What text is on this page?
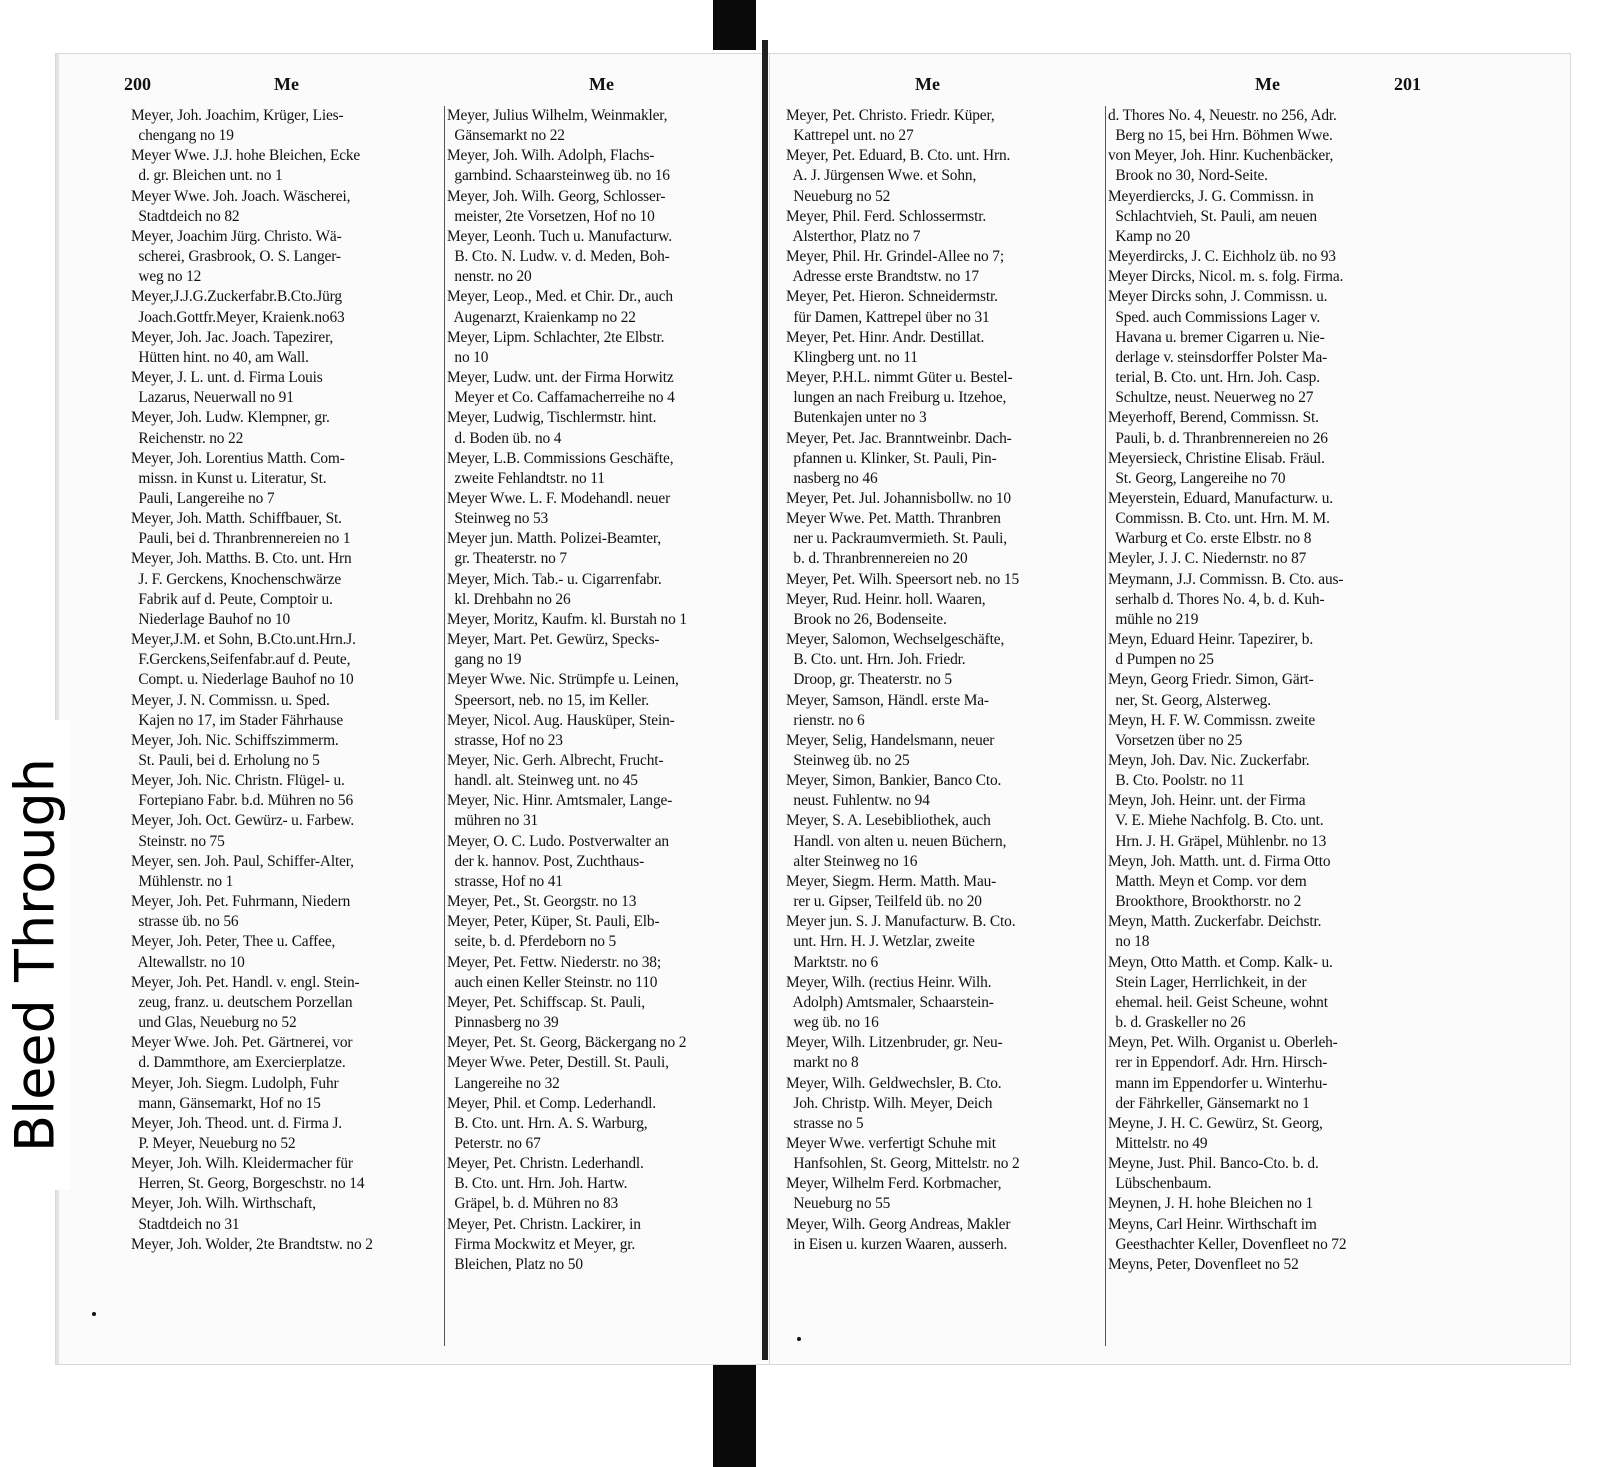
200	Me	Me
Meyer, Joh. Joachim, Krüger, Lies-
chengang no 19
Meyer Wwe. J.J. hohe Bleichen, Ecke
d. gr. Bleichen unt. no 1
Meyer Wwe. Joh. Joach. Wäscherei,
Stadtdeich no 82
Meyer, Joachim Jürg. Christo. Wä-
scherei, Grasbrook, O. S. Langer-
weg no 12
Meyer,J.J.G.Zuckerfabr.B.Cto.Jürg
Joach.Gottfr.Meyer, Kraienk.no63
Meyer, Joh. Jac. Joach. Tapezirer,
Hütten hint. no 40, am Wall.
Meyer, J. L. unt. d. Firma Louis
Lazarus, Neuerwall no 91
Meyer, Joh. Ludw. Klempner, gr.
Reichenstr. no 22
Meyer, Joh. Lorentius Matth. Com-
missn. in Kunst u. Literatur, St.
Pauli, Langereihe no 7
Meyer, Joh. Matth. Schiffbauer, St.
Pauli, bei d. Thranbrennereien no 1
Meyer, Joh. Matths. B. Cto. unt. Hrn
J. F. Gerckens, Knochenschwärze
Fabrik auf d. Peute, Comptoir u.
Niederlage Bauhof no 10
Meyer,J.M. et Sohn, B.Cto.unt.Hrn.J.
F.Gerckens,Seifenfabr.auf d. Peute,
Compt. u. Niederlage Bauhof no 10
Meyer, J. N. Commissn. u. Sped.
Kajen no 17, im Stader Fährhause
Meyer, Joh. Nic. Schiffszimmerm.
St. Pauli, bei d. Erholung no 5
Meyer, Joh. Nic. Christn. Flügel- u.
Fortepiano Fabr. b.d. Mühren no 56
Meyer, Joh. Oct. Gewürz- u. Farbew.
Steinstr. no 75
Meyer, sen. Joh. Paul, Schiffer-Alter,
Mühlenstr. no 1
Meyer, Joh. Pet. Fuhrmann, Niedern
strasse üb. no 56
Meyer, Joh. Peter, Thee u. Caffee,
Altewallstr. no 10
Meyer, Joh. Pet. Handl. v. engl. Stein-
zeug, franz. u. deutschem Porzellan
und Glas, Neueburg no 52
Meyer Wwe. Joh. Pet. Gärtnerei, vor
d. Dammthore, am Exercierplatze.
Meyer, Joh. Siegm. Ludolph, Fuhr
mann, Gänsemarkt, Hof no 15
Meyer, Joh. Theod. unt. d. Firma J.
P. Meyer, Neueburg no 52
Meyer, Joh. Wilh. Kleidermacher für
Herren, St. Georg, Borgeschstr. no 14
Meyer, Joh. Wilh. Wirthschaft,
Stadtdeich no 31
Meyer, Joh. Wolder, 2te Brandtstw. no 2
Meyer, Julius Wilhelm, Weinmakler,
Gänsemarkt no 22
Meyer, Joh. Wilh. Adolph, Flachs-
garnbind. Schaarsteinweg üb. no 16
Meyer, Joh. Wilh. Georg, Schlosser-
meister, 2te Vorsetzen, Hof no 10
Meyer, Leonh. Tuch u. Manufacturw.
B. Cto. N. Ludw. v. d. Meden, Boh-
nenstr. no 20
Meyer, Leop., Med. et Chir. Dr., auch
Augenarzt, Kraienkamp no 22
Meyer, Lipm. Schlachter, 2te Elbstr.
no 10
Meyer, Ludw. unt. der Firma Horwitz
Meyer et Co. Caffamacherreihe no 4
Meyer, Ludwig, Tischlermstr. hint.
d. Boden üb. no 4
Meyer, L.B. Commissions Geschäfte,
zweite Fehlandtstr. no 11
Meyer Wwe. L. F. Modehandl. neuer
Steinweg no 53
Meyer jun. Matth. Polizei-Beamter,
gr. Theaterstr. no 7
Meyer, Mich. Tab.- u. Cigarrenfabr.
kl. Drehbahn no 26
Meyer, Moritz, Kaufm. kl. Burstah no 1
Meyer, Mart. Pet. Gewürz, Specks-
gang no 19
Meyer Wwe. Nic. Strümpfe u. Leinen,
Speersort, neb. no 15, im Keller.
Meyer, Nicol. Aug. Hausküper, Stein-
strasse, Hof no 23
Meyer, Nic. Gerh. Albrecht, Frucht-
handl. alt. Steinweg unt. no 45
Meyer, Nic. Hinr. Amtsmaler, Lange-
mühren no 31
Meyer, O. C. Ludo. Postverwalter an
der k. hannov. Post, Zuchthaus-
strasse, Hof no 41
Meyer, Pet., St. Georgstr. no 13
Meyer, Peter, Küper, St. Pauli, Elb-
seite, b. d. Pferdeborn no 5
Meyer, Pet. Fettw. Niederstr. no 38;
auch einen Keller Steinstr. no 110
Meyer, Pet. Schiffscap. St. Pauli,
Pinnasberg no 39
Meyer, Pet. St. Georg, Bäckergang no 2
Meyer Wwe. Peter, Destill. St. Pauli,
Langereihe no 32
Meyer, Phil. et Comp. Lederhandl.
B. Cto. unt. Hrn. A. S. Warburg,
Peterstr. no 67
Meyer, Pet. Christn. Lederhandl.
B. Cto. unt. Hrn. Joh. Hartw.
Gräpel, b. d. Mühren no 83
Meyer, Pet. Christn. Lackirer, in
Firma Mockwitz et Meyer, gr.
Bleichen, Platz no 50
Me	Me	201
Meyer, Pet. Christo. Friedr. Küper,
Kattrepel unt. no 27
Meyer, Pet. Eduard, B. Cto. unt. Hrn.
A. J. Jürgensen Wwe. et Sohn,
Neueburg no 52
Meyer, Phil. Ferd. Schlossermstr.
Alsterthor, Platz no 7
Meyer, Phil. Hr. Grindel-Allee no 7;
Adresse erste Brandtstw. no 17
Meyer, Pet. Hieron. Schneidermstr.
für Damen, Kattrepel über no 31
Meyer, Pet. Hinr. Andr. Destillat.
Klingberg unt. no 11
Meyer, P.H.L. nimmt Güter u. Bestel-
lungen an nach Freiburg u. Itzehoe,
Butenkajen unter no 3
Meyer, Pet. Jac. Branntweinbr. Dach-
pfannen u. Klinker, St. Pauli, Pin-
nasberg no 46
Meyer, Pet. Jul. Johannisbollw. no 10
Meyer Wwe. Pet. Matth. Thranbren
ner u. Packraumvermieth. St. Pauli,
b. d. Thranbrennereien no 20
Meyer, Pet. Wilh. Speersort neb. no 15
Meyer, Rud. Heinr. holl. Waaren,
Brook no 26, Bodenseite.
Meyer, Salomon, Wechselgeschäfte,
B. Cto. unt. Hrn. Joh. Friedr.
Droop, gr. Theaterstr. no 5
Meyer, Samson, Händl. erste Ma-
rienstr. no 6
Meyer, Selig, Handelsmann, neuer
Steinweg üb. no 25
Meyer, Simon, Bankier, Banco Cto.
neust. Fuhlentw. no 94
Meyer, S. A. Lesebibliothek, auch
Handl. von alten u. neuen Büchern,
alter Steinweg no 16
Meyer, Siegm. Herm. Matth. Mau-
rer u. Gipser, Teilfeld üb. no 20
Meyer jun. S. J. Manufacturw. B. Cto.
unt. Hrn. H. J. Wetzlar, zweite
Marktstr. no 6
Meyer, Wilh. (rectius Heinr. Wilh.
Adolph) Amtsmaler, Schaarstein-
weg üb. no 16
Meyer, Wilh. Litzenbruder, gr. Neu-
markt no 8
Meyer, Wilh. Geldwechsler, B. Cto.
Joh. Christp. Wilh. Meyer, Deich
strasse no 5
Meyer Wwe. verfertigt Schuhe mit
Hanfsohlen, St. Georg, Mittelstr. no 2
Meyer, Wilhelm Ferd. Korbmacher,
Neueburg no 55
Meyer, Wilh. Georg Andreas, Makler
in Eisen u. kurzen Waaren, ausserh.
d. Thores No. 4, Neuestr. no 256, Adr.
Berg no 15, bei Hrn. Böhmen Wwe.
von Meyer, Joh. Hinr. Kuchenbäcker,
Brook no 30, Nord-Seite.
Meyerdiercks, J. G. Commissn. in
Schlachtvieh, St. Pauli, am neuen
Kamp no 20
Meyerdircks, J. C. Eichholz üb. no 93
Meyer Dircks, Nicol. m. s. folg. Firma.
Meyer Dircks sohn, J. Commissn. u.
Sped. auch Commissions Lager v.
Havana u. bremer Cigarren u. Nie-
derlage v. steinsdorffer Polster Ma-
terial, B. Cto. unt. Hrn. Joh. Casp.
Schultze, neust. Neuerweg no 27
Meyerhoff, Berend, Commissn. St.
Pauli, b. d. Thranbrennereien no 26
Meyersieck, Christine Elisab. Fräul.
St. Georg, Langereihe no 70
Meyerstein, Eduard, Manufacturw. u.
Commissn. B. Cto. unt. Hrn. M. M.
Warburg et Co. erste Elbstr. no 8
Meyler, J. J. C. Niedernstr. no 87
Meymann, J.J. Commissn. B. Cto. aus-
serhalb d. Thores No. 4, b. d. Kuh-
mühle no 219
Meyn, Eduard Heinr. Tapezirer, b.
d Pumpen no 25
Meyn, Georg Friedr. Simon, Gärt-
ner, St. Georg, Alsterweg.
Meyn, H. F. W. Commissn. zweite
Vorsetzen über no 25
Meyn, Joh. Dav. Nic. Zuckerfabr.
B. Cto. Poolstr. no 11
Meyn, Joh. Heinr. unt. der Firma
V. E. Miehe Nachfolg. B. Cto. unt.
Hrn. J. H. Gräpel, Mühlenbr. no 13
Meyn, Joh. Matth. unt. d. Firma Otto
Matth. Meyn et Comp. vor dem
Brookthore, Brookthorstr. no 2
Meyn, Matth. Zuckerfabr. Deichstr.
no 18
Meyn, Otto Matth. et Comp. Kalk- u.
Stein Lager, Herrlichkeit, in der
ehemal. heil. Geist Scheune, wohnt
b. d. Graskeller no 26
Meyn, Pet. Wilh. Organist u. Oberleh-
rer in Eppendorf. Adr. Hrn. Hirsch-
mann im Eppendorfer u. Winterhu-
der Fährkeller, Gänsemarkt no 1
Meyne, J. H. C. Gewürz, St. Georg,
Mittelstr. no 49
Meyne, Just. Phil. Banco-Cto. b. d.
Lübschenbaum.
Meynen, J. H. hohe Bleichen no 1
Meyns, Carl Heinr. Wirthschaft im
Geesthachter Keller, Dovenfleet no 72
Meyns, Peter, Dovenfleet no 52
Bleed Through
